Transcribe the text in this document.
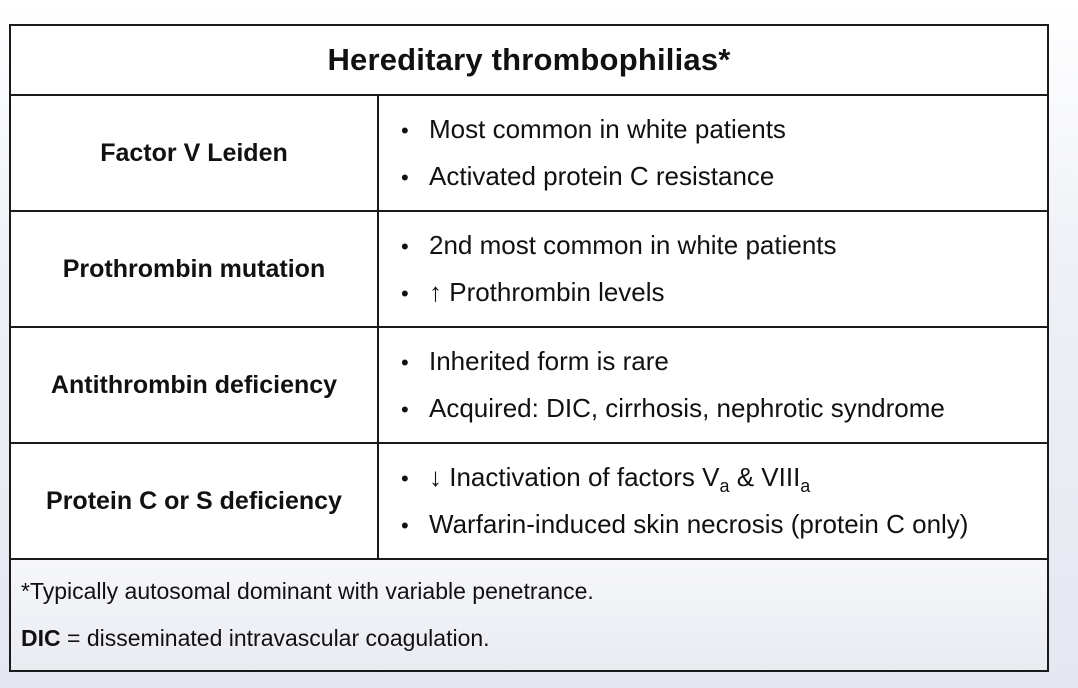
Hereditary thrombophilias*
Factor V Leiden
• Most common in white patients
• Activated protein C resistance
Prothrombin mutation
• 2nd most common in white patients
• ↑ Prothrombin levels
Antithrombin deficiency
• Inherited form is rare
• Acquired: DIC, cirrhosis, nephrotic syndrome
Protein C or S deficiency
• ↓ Inactivation of factors $V_a$ & $VIII_a$
• Warfarin-induced skin necrosis (protein C only)
*Typically autosomal dominant with variable penetrance.
DIC = disseminated intravascular coagulation.
